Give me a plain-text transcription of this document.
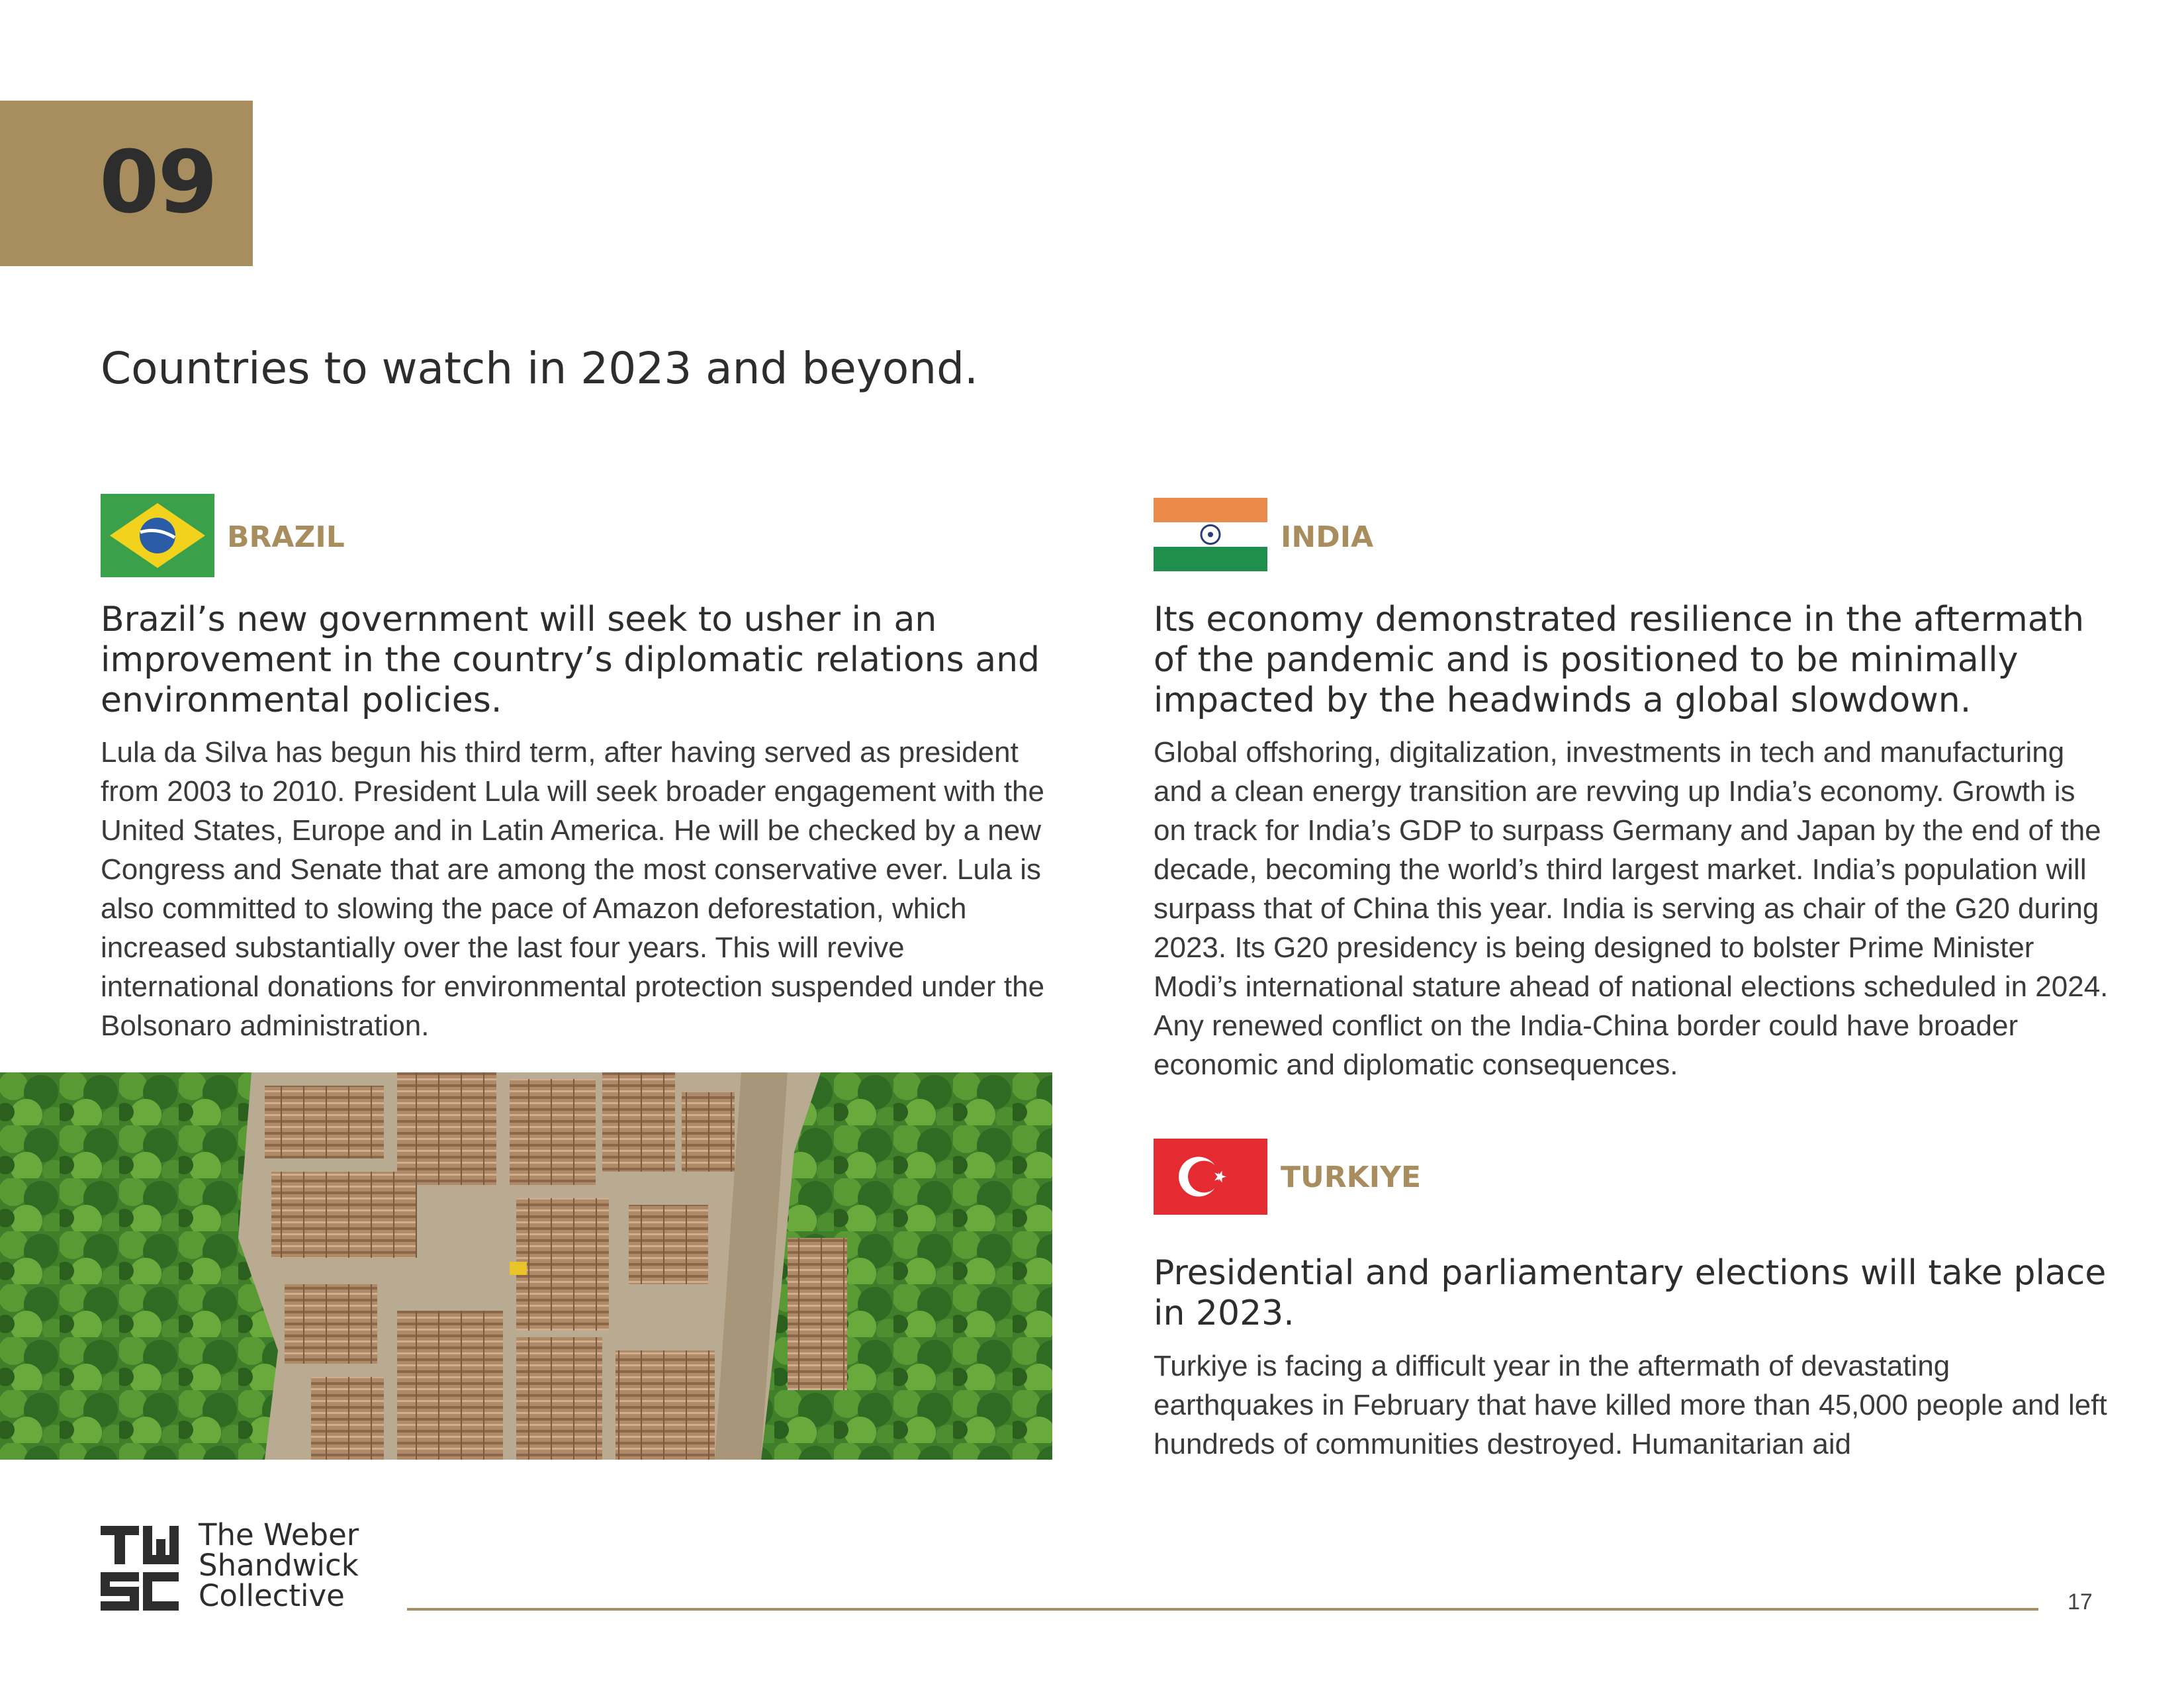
09
Countries to watch in 2023 and beyond.
BRAZIL
Brazil’s new government will seek to usher in an improvement in the country’s diplomatic relations and environmental policies.
Lula da Silva has begun his third term, after having served as president from 2003 to 2010. President Lula will seek broader engagement with the United States, Europe and in Latin America. He will be checked by a new Congress and Senate that are among the most conservative ever. Lula is also committed to slowing the pace of Amazon deforestation, which increased substantially over the last four years. This will revive international donations for environmental protection suspended under the Bolsonaro administration.
INDIA
Its economy demonstrated resilience in the aftermath of the pandemic and is positioned to be minimally impacted by the headwinds a global slowdown.
Global offshoring, digitalization, investments in tech and manufacturing and a clean energy transition are revving up India’s economy. Growth is on track for India’s GDP to surpass Germany and Japan by the end of the decade, becoming the world’s third largest market. India’s population will surpass that of China this year. India is serving as chair of the G20 during 2023. Its G20 presidency is being designed to bolster Prime Minister Modi’s international stature ahead of national elections scheduled in 2024. Any renewed conflict on the India-China border could have broader economic and diplomatic consequences.
TURKIYE
Presidential and parliamentary elections will take place in 2023.
Turkiye is facing a difficult year in the aftermath of devastating earthquakes in February that have killed more than 45,000 people and left hundreds of communities destroyed. Humanitarian aid
The Weber
Shandwick
Collective	17
